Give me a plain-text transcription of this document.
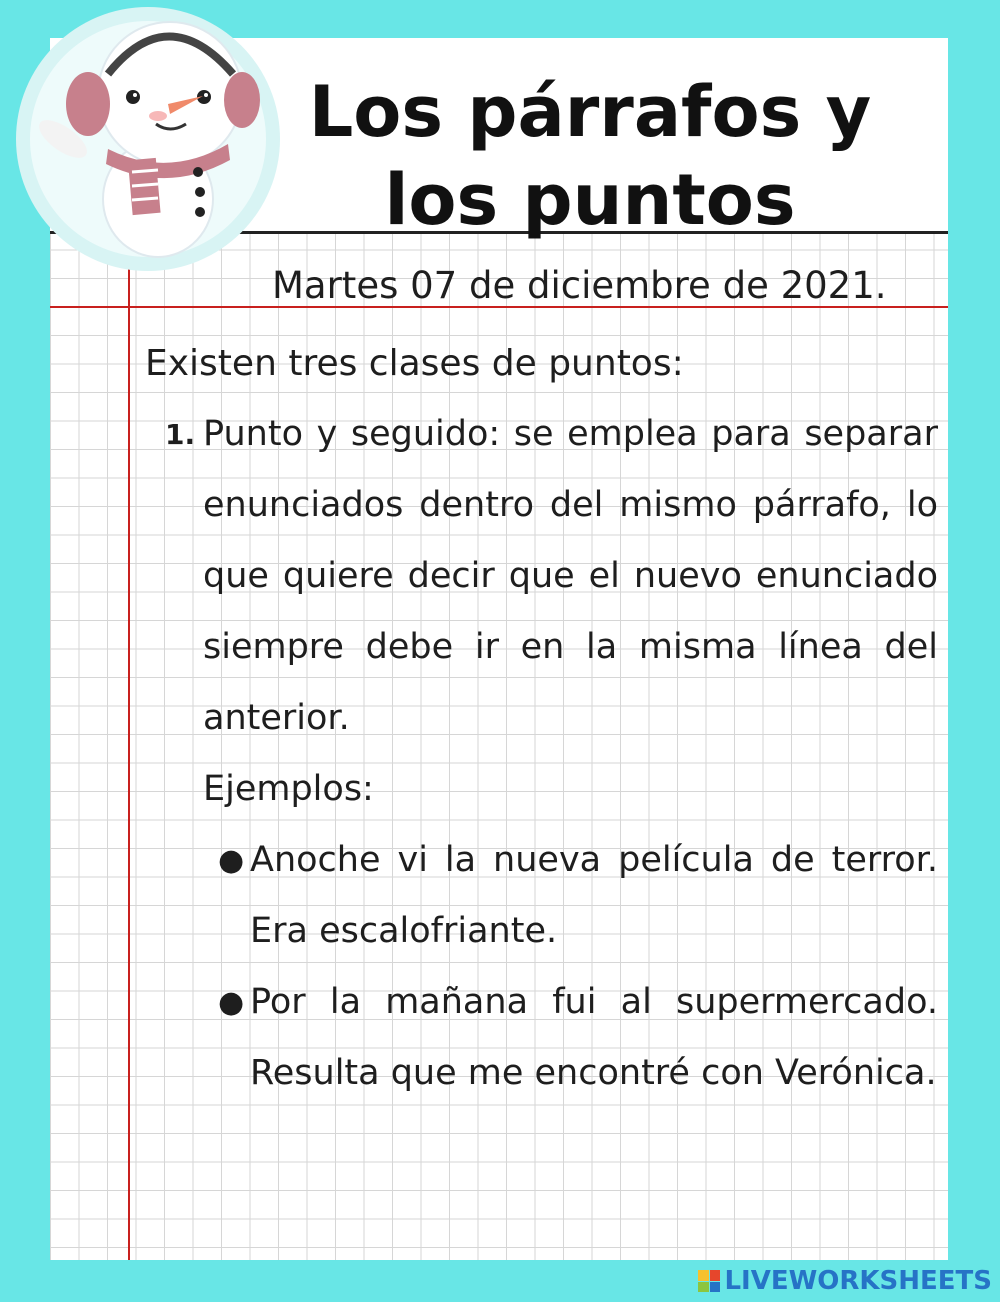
Los párrafos y
los puntos
Martes 07 de diciembre de 2021.
Existen tres clases de puntos:
1. Punto y seguido: se emplea para separar enunciados dentro del mismo párrafo, lo que quiere decir que el nuevo enunciado siempre debe ir en la misma línea del anterior.
Ejemplos:
● Anoche vi la nueva película de terror. Era escalofriante.
● Por la mañana fui al supermercado. Resulta que me encontré con Verónica.
LIVEWORKSHEETS
